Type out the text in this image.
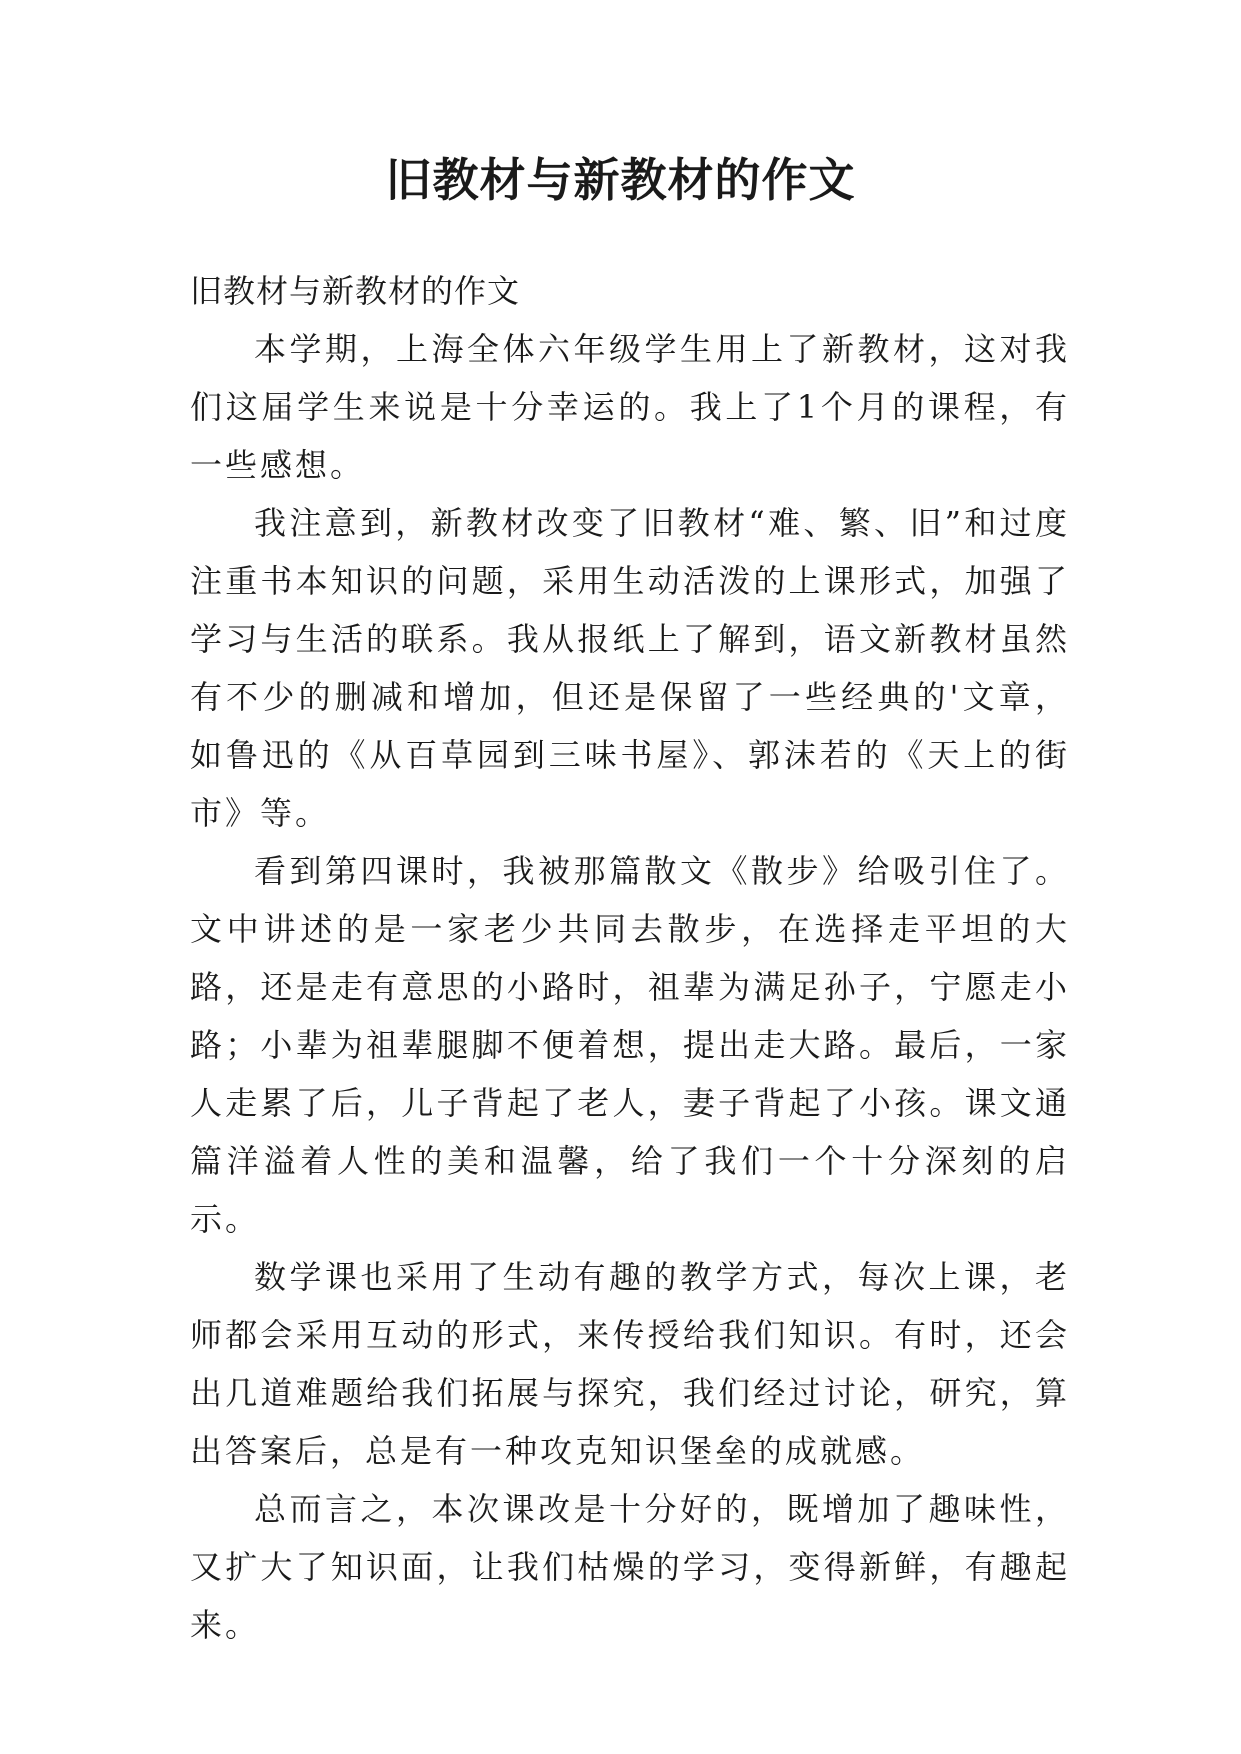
旧教材与新教材的作文

旧教材与新教材的作文

本学期，上海全体六年级学生用上了新教材，这对我们这届学生来说是十分幸运的。我上了1个月的课程，有一些感想。

我注意到，新教材改变了旧教材“难、繁、旧”和过度注重书本知识的问题，采用生动活泼的上课形式，加强了学习与生活的联系。我从报纸上了解到，语文新教材虽然有不少的删减和增加，但还是保留了一些经典的'文章，如鲁迅的《从百草园到三味书屋》、郭沫若的《天上的街市》等。

看到第四课时，我被那篇散文《散步》给吸引住了。文中讲述的是一家老少共同去散步，在选择走平坦的大路，还是走有意思的小路时，祖辈为满足孙子，宁愿走小路；小辈为祖辈腿脚不便着想，提出走大路。最后，一家人走累了后，儿子背起了老人，妻子背起了小孩。课文通篇洋溢着人性的美和温馨，给了我们一个十分深刻的启示。

数学课也采用了生动有趣的教学方式，每次上课，老师都会采用互动的形式，来传授给我们知识。有时，还会出几道难题给我们拓展与探究，我们经过讨论，研究，算出答案后，总是有一种攻克知识堡垒的成就感。

总而言之，本次课改是十分好的，既增加了趣味性，又扩大了知识面，让我们枯燥的学习，变得新鲜，有趣起来。
